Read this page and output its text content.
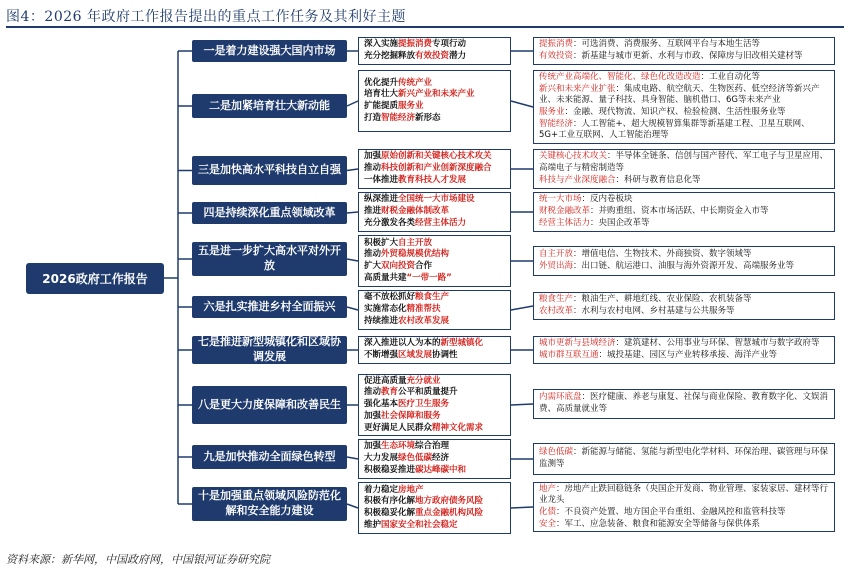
图4：2026 年政府工作报告提出的重点工作任务及其利好主题
2026政府工作报告
一是着力建设强大国内市场	深入实施提振消费专项行动
充分挖掘释放有效投资潜力
提振消费：可选消费、消费服务、互联网平台与本地生活等
有效投资：新基建与城市更新、水利与市政、保障房与旧改相关建材等
二是加紧培育壮大新动能
优化提升传统产业
培育壮大新兴产业和未来产业
扩能提质服务业
打造智能经济新形态
传统产业高端化、智能化、绿色化改造改造：工业自动化等
新兴和未来产业扩张：集成电路、航空航天、生物医药、低空经济等新兴产业、未来能源、量子科技、具身智能、脑机借口、6G等未来产业
服务业：金融、现代物流、知识产权、检验检测、生活性服务业等
智能经济：人工智能+、超大规模智算集群等新基建工程、卫星互联网、5G+工业互联网、人工智能治理等
三是加快高水平科技自立自强
加强原始创新和关键核心技术攻关
推动科技创新和产业创新深度融合
一体推进教育科技人才发展
关键核心技术攻关：半导体全链条、信创与国产替代、军工电子与卫星应用、高端电子与精密制造等
科技与产业深度融合：科研与教育信息化等
四是持续深化重点领域改革
纵深推进全国统一大市场建设
推进财税金融体制改革
充分激发各类经营主体活力
统一大市场：反内卷板块
财税金融改革：并购重组、资本市场活跃、中长期资金入市等
经营主体活力：央国企改革等
五是进一步扩大高水平对外开放
积极扩大自主开放
推动外贸稳规模优结构
扩大双向投资合作
高质量共建“一带一路”
自主开放：增值电信、生物技术、外商独资、数字领域等
外贸出海：出口链、航运港口、油服与海外资源开发、高端服务业等
六是扎实推进乡村全面振兴
毫不放松抓好粮食生产
实施常态化精准帮扶
持续推进农村改革发展
粮食生产：粮油生产、耕地红线、农业保险、农机装备等
农村改革：水利与农村电网、乡村基建与公共服务等
七是推进新型城镇化和区域协调发展
深入推进以人为本的新型城镇化
不断增强区域发展协调性
城市更新与县域经济：建筑建材、公用事业与环保、智慧城市与数字政府等
城市群互联互通：城投基建、园区与产业转移承接、海洋产业等
八是更大力度保障和改善民生
促进高质量充分就业
推动教育公平和质量提升
强化基本医疗卫生服务
加强社会保障和服务
更好满足人民群众精神文化需求
内需环底盘：医疗健康、养老与康复、社保与商业保险、教育数字化、文娱消费、高质量就业等
九是加快推动全面绿色转型
加强生态环境综合治理
大力发展绿色低碳经济
积极稳妥推进碳达峰碳中和
绿色低碳：新能源与储能、氢能与新型电化学材料、环保治理、碳管理与环保监测等
十是加强重点领域风险防范化解和安全能力建设
着力稳定房地产
积极有序化解地方政府债务风险
积极稳妥化解重点金融机构风险
维护国家安全和社会稳定
地产：房地产止跌回稳链条（央国企开发商、物业管理、家装家居、建材等行业龙头
化债：不良资产处置、地方国企平台重组、金融风控和监管科技等
安全：军工、应急装备、粮食和能源安全等储备与保供体系
资料来源：新华网，中国政府网，中国银河证券研究院
